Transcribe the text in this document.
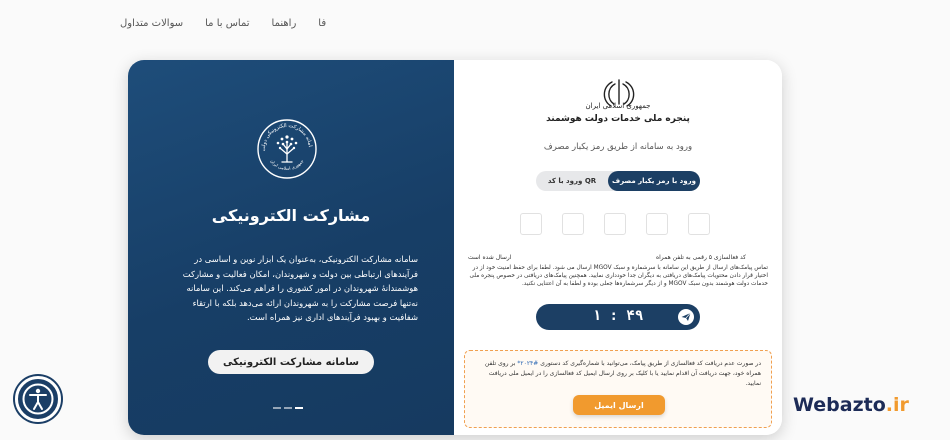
سوالات متداول تماس با ما راهنما فا
امانه مشارکت الکترونیکی دولت
جمهوری اسلامی ایران
مشارکت الکترونیکی
سامانه مشارکت الکترونیکی، به‌عنوان یک ابزار نوین و اساسی در فرآیندهای ارتباطی بین دولت و شهروندان، امکان فعالیت و مشارکت هوشمندانهٔ شهروندان در امور کشوری را فراهم می‌کند. این سامانه نه‌تنها فرصت مشارکت را به شهروندان ارائه می‌دهد بلکه با ارتقاء شفافیت و بهبود فرآیندهای اداری نیز همراه است.
سامانه مشارکت الکترونیکی
جمهوری اسلامی ایران
پنجره ملی خدمات دولت هوشمند
ورود به سامانه از طریق رمز یکبار مصرف
ورود با کد QR	ورود با رمز یکبار مصرف
کد فعالسازی ۵ رقمی به تلفن همراه
ارسال شده است
تماس پیامک‌های ارسال از طریق این سامانه با سرشماره و سبک MGOV ارسال می شود. لطفا برای حفظ امنیت خود از در اختیار قرار دادن محتویات پیامک‌های دریافتی به دیگران جدا خودداری نمایید. همچنین پیامک‌های دریافتی در خصوص پنجره ملی خدمات دولت هوشمند بدون سبک MGOV و از دیگر سرشماره‌ها جعلی بوده و لطفا به آن اعتنایی نکنید.
۱ : ۴۹
در صورت عدم دریافت کد فعالسازی از طریق پیامک، می‌توانید با شماره‌گیری کد دستوری #۲۰۲۴* بر روی تلفن همراه خود، جهت دریافت آن اقدام نمایید یا با کلیک بر روی ارسال ایمیل کد فعالسازی را در ایمیل ملی دریافت نمایید.
ارسال ایمیل	Webazto.ir
